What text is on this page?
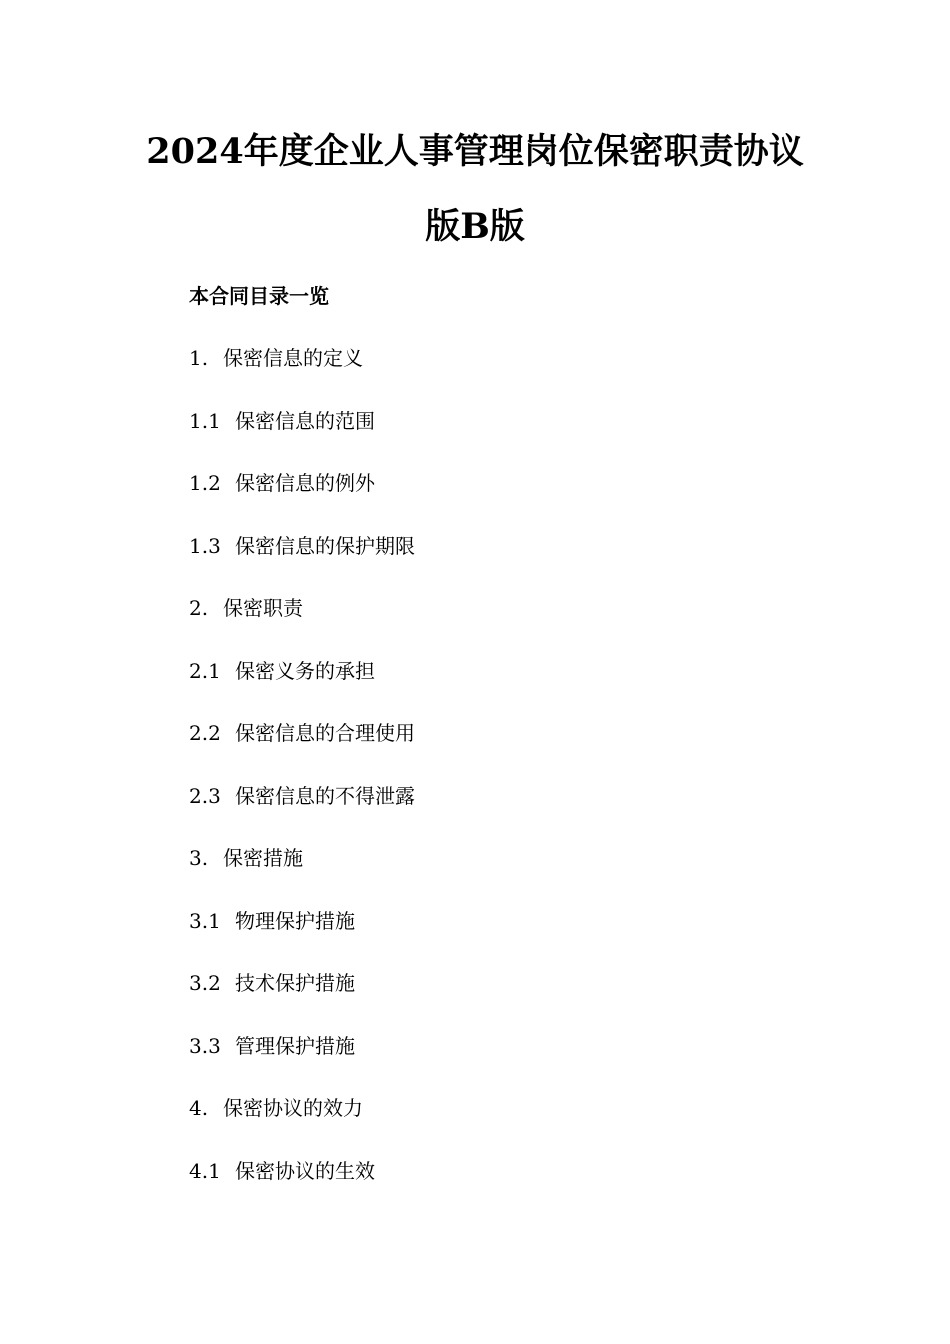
2024年度企业人事管理岗位保密职责协议
版B版
本合同目录一览
1. 保密信息的定义
1.1 保密信息的范围
1.2 保密信息的例外
1.3 保密信息的保护期限
2. 保密职责
2.1 保密义务的承担
2.2 保密信息的合理使用
2.3 保密信息的不得泄露
3. 保密措施
3.1 物理保护措施
3.2 技术保护措施
3.3 管理保护措施
4. 保密协议的效力
4.1 保密协议的生效
